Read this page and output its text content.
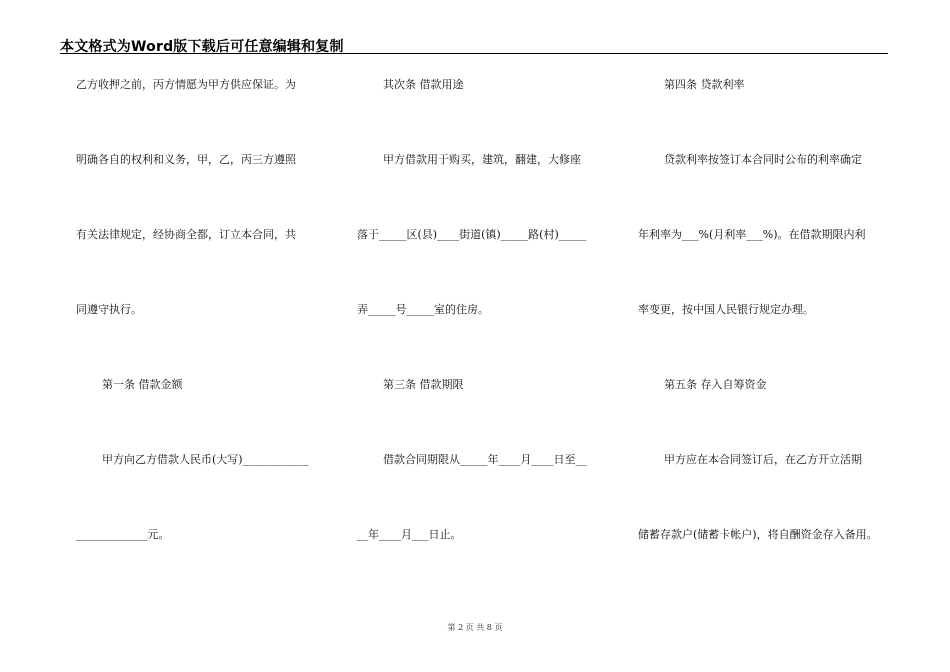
本文格式为Word版下载后可任意编辑和复制
乙方收押之前，丙方情愿为甲方供应保证。为
明确各自的权利和义务，甲，乙，丙三方遵照
有关法律规定，经协商全都，订立本合同，共
同遵守执行。
第一条 借款金额
甲方向乙方借款人民币(大写)____________
_____________元。
其次条 借款用途
甲方借款用于购买，建筑，翻建，大修座
落于_____区(县)____街道(镇)_____路(村)_____
弄_____号_____室的住房。
第三条 借款期限
借款合同期限从_____年____月____日至__
__年____月___日止。
第四条 贷款利率
贷款利率按签订本合同时公布的利率确定
年利率为___%(月利率___%)。在借款期限内利
率变更，按中国人民银行规定办理。
第五条 存入自筹资金
甲方应在本合同签订后，在乙方开立活期
储蓄存款户(储蓄卡帐户)，将自酬资金存入备用。
第 2 页 共 8 页
